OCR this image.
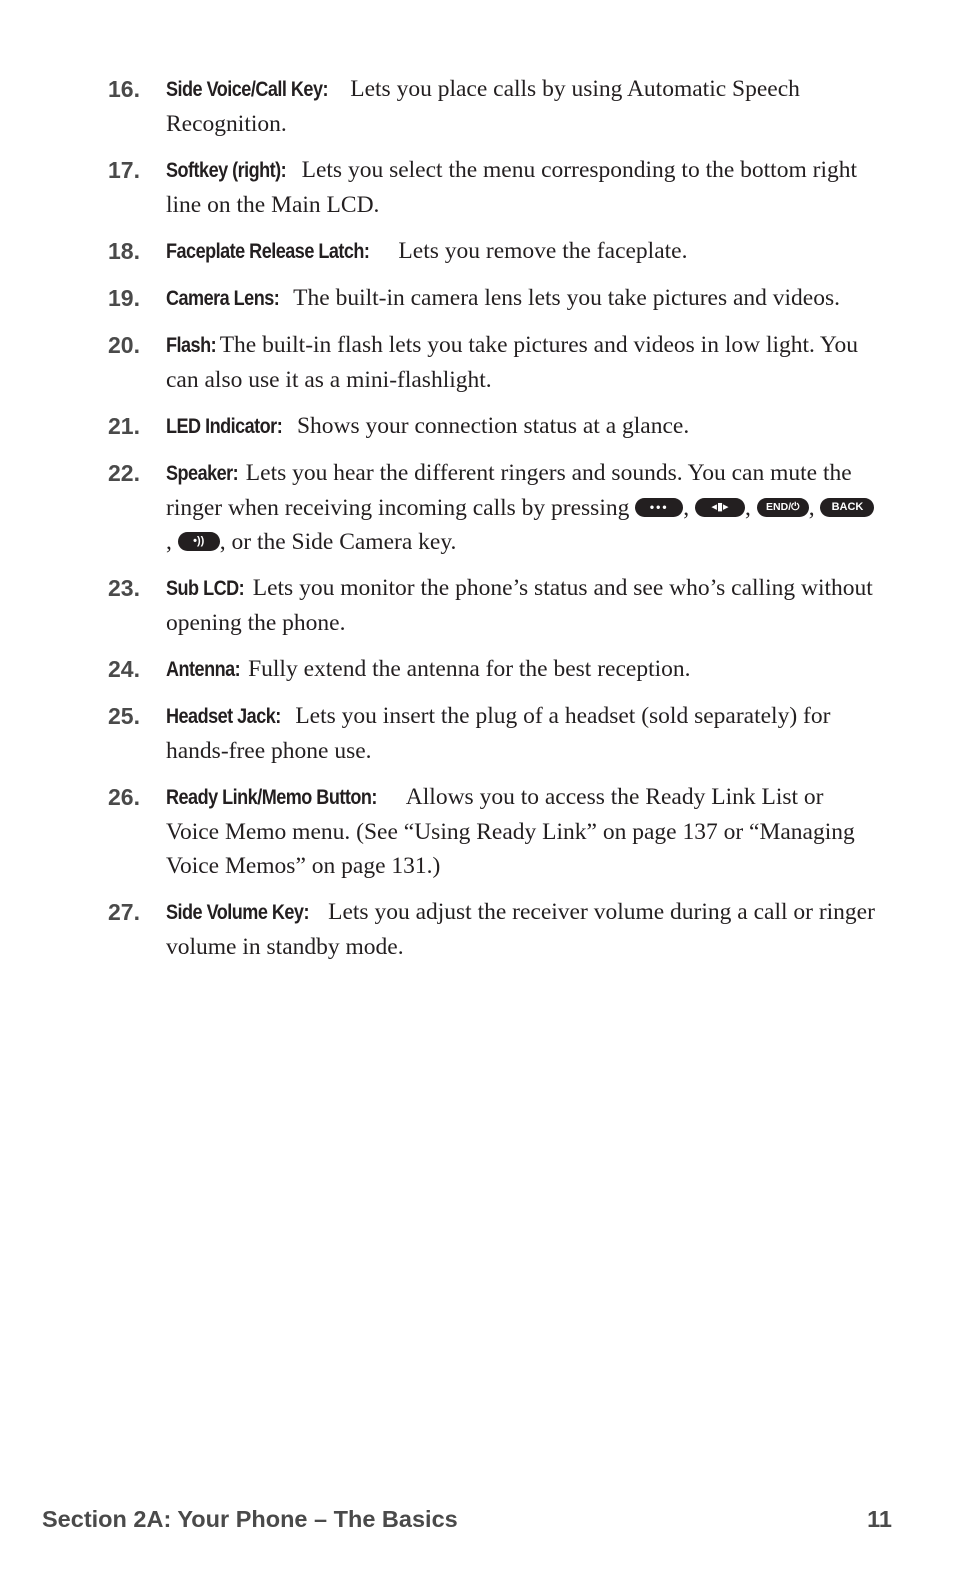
16.	Side Voice/Call Key: Lets you place calls by using Automatic Speech Recognition.
17.	Softkey (right): Lets you select the menu corresponding to the bottom right line on the Main LCD.
18.	Faceplate Release Latch: Lets you remove the faceplate.
19.	Camera Lens: The built-in camera lens lets you take pictures and videos.
20.	Flash: The built-in flash lets you take pictures and videos in low light. You can also use it as a mini-flashlight.
21.	LED Indicator: Shows your connection status at a glance.
22.	Speaker: Lets you hear the different ringers and sounds. You can mute the ringer when receiving incoming calls by pressing ••• , ◂▮▸ , END/⏻ , BACK, •)) , or the Side Camera key.
23.	Sub LCD: Lets you monitor the phone’s status and see who’s calling without opening the phone.
24.	Antenna: Fully extend the antenna for the best reception.
25.	Headset Jack: Lets you insert the plug of a headset (sold separately) for hands-free phone use.
26.	Ready Link/Memo Button: Allows you to access the Ready Link List or Voice Memo menu. (See “Using Ready Link” on page 137 or “Managing Voice Memos” on page 131.)
27.	Side Volume Key: Lets you adjust the receiver volume during a call or ringer volume in standby mode.
Section 2A: Your Phone – The Basics	11
